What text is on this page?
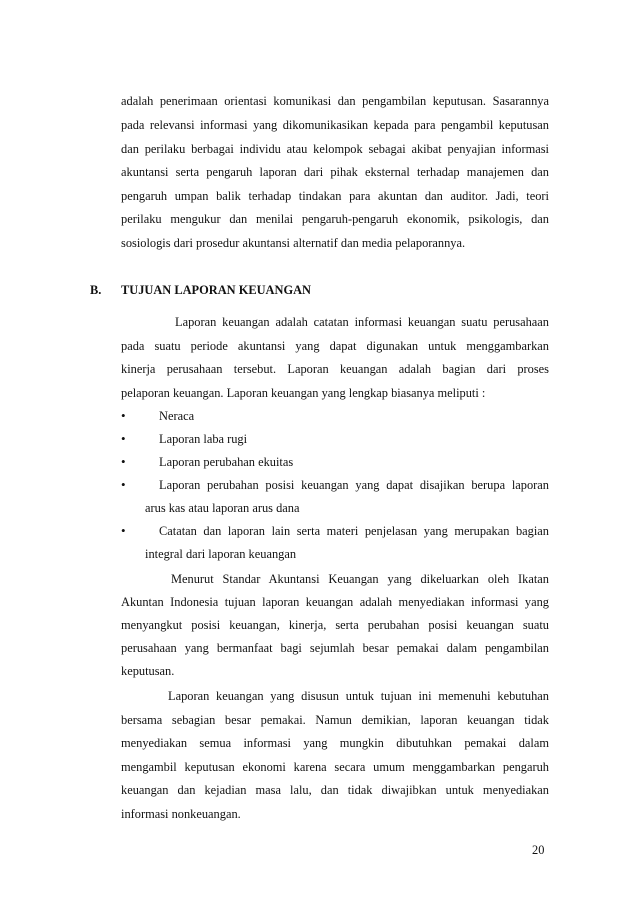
adalah penerimaan orientasi komunikasi dan pengambilan keputusan. Sasarannya
pada relevansi informasi yang dikomunikasikan kepada para pengambil keputusan
dan perilaku berbagai individu atau kelompok sebagai akibat penyajian informasi
akuntansi serta pengaruh laporan dari pihak eksternal terhadap manajemen dan
pengaruh umpan balik terhadap tindakan para akuntan dan auditor. Jadi, teori
perilaku mengukur dan menilai pengaruh-pengaruh ekonomik, psikologis, dan
sosiologis dari prosedur akuntansi alternatif dan media pelaporannya.
B. TUJUAN LAPORAN KEUANGAN
Laporan keuangan adalah catatan informasi keuangan suatu perusahaan
pada suatu periode akuntansi yang dapat digunakan untuk menggambarkan
kinerja perusahaan tersebut. Laporan keuangan adalah bagian dari proses
pelaporan keuangan. Laporan keuangan yang lengkap biasanya meliputi :
•	Neraca
•	Laporan laba rugi
•	Laporan perubahan ekuitas
•	Laporan perubahan posisi keuangan yang dapat disajikan berupa laporan
arus kas atau laporan arus dana
•	Catatan dan laporan lain serta materi penjelasan yang merupakan bagian
integral dari laporan keuangan
Menurut Standar Akuntansi Keuangan yang dikeluarkan oleh Ikatan
Akuntan Indonesia tujuan laporan keuangan adalah menyediakan informasi yang
menyangkut posisi keuangan, kinerja, serta perubahan posisi keuangan suatu
perusahaan yang bermanfaat bagi sejumlah besar pemakai dalam pengambilan
keputusan.
Laporan keuangan yang disusun untuk tujuan ini memenuhi kebutuhan
bersama sebagian besar pemakai. Namun demikian, laporan keuangan tidak
menyediakan semua informasi yang mungkin dibutuhkan pemakai dalam
mengambil keputusan ekonomi karena secara umum menggambarkan pengaruh
keuangan dan kejadian masa lalu, dan tidak diwajibkan untuk menyediakan
informasi nonkeuangan.
20
